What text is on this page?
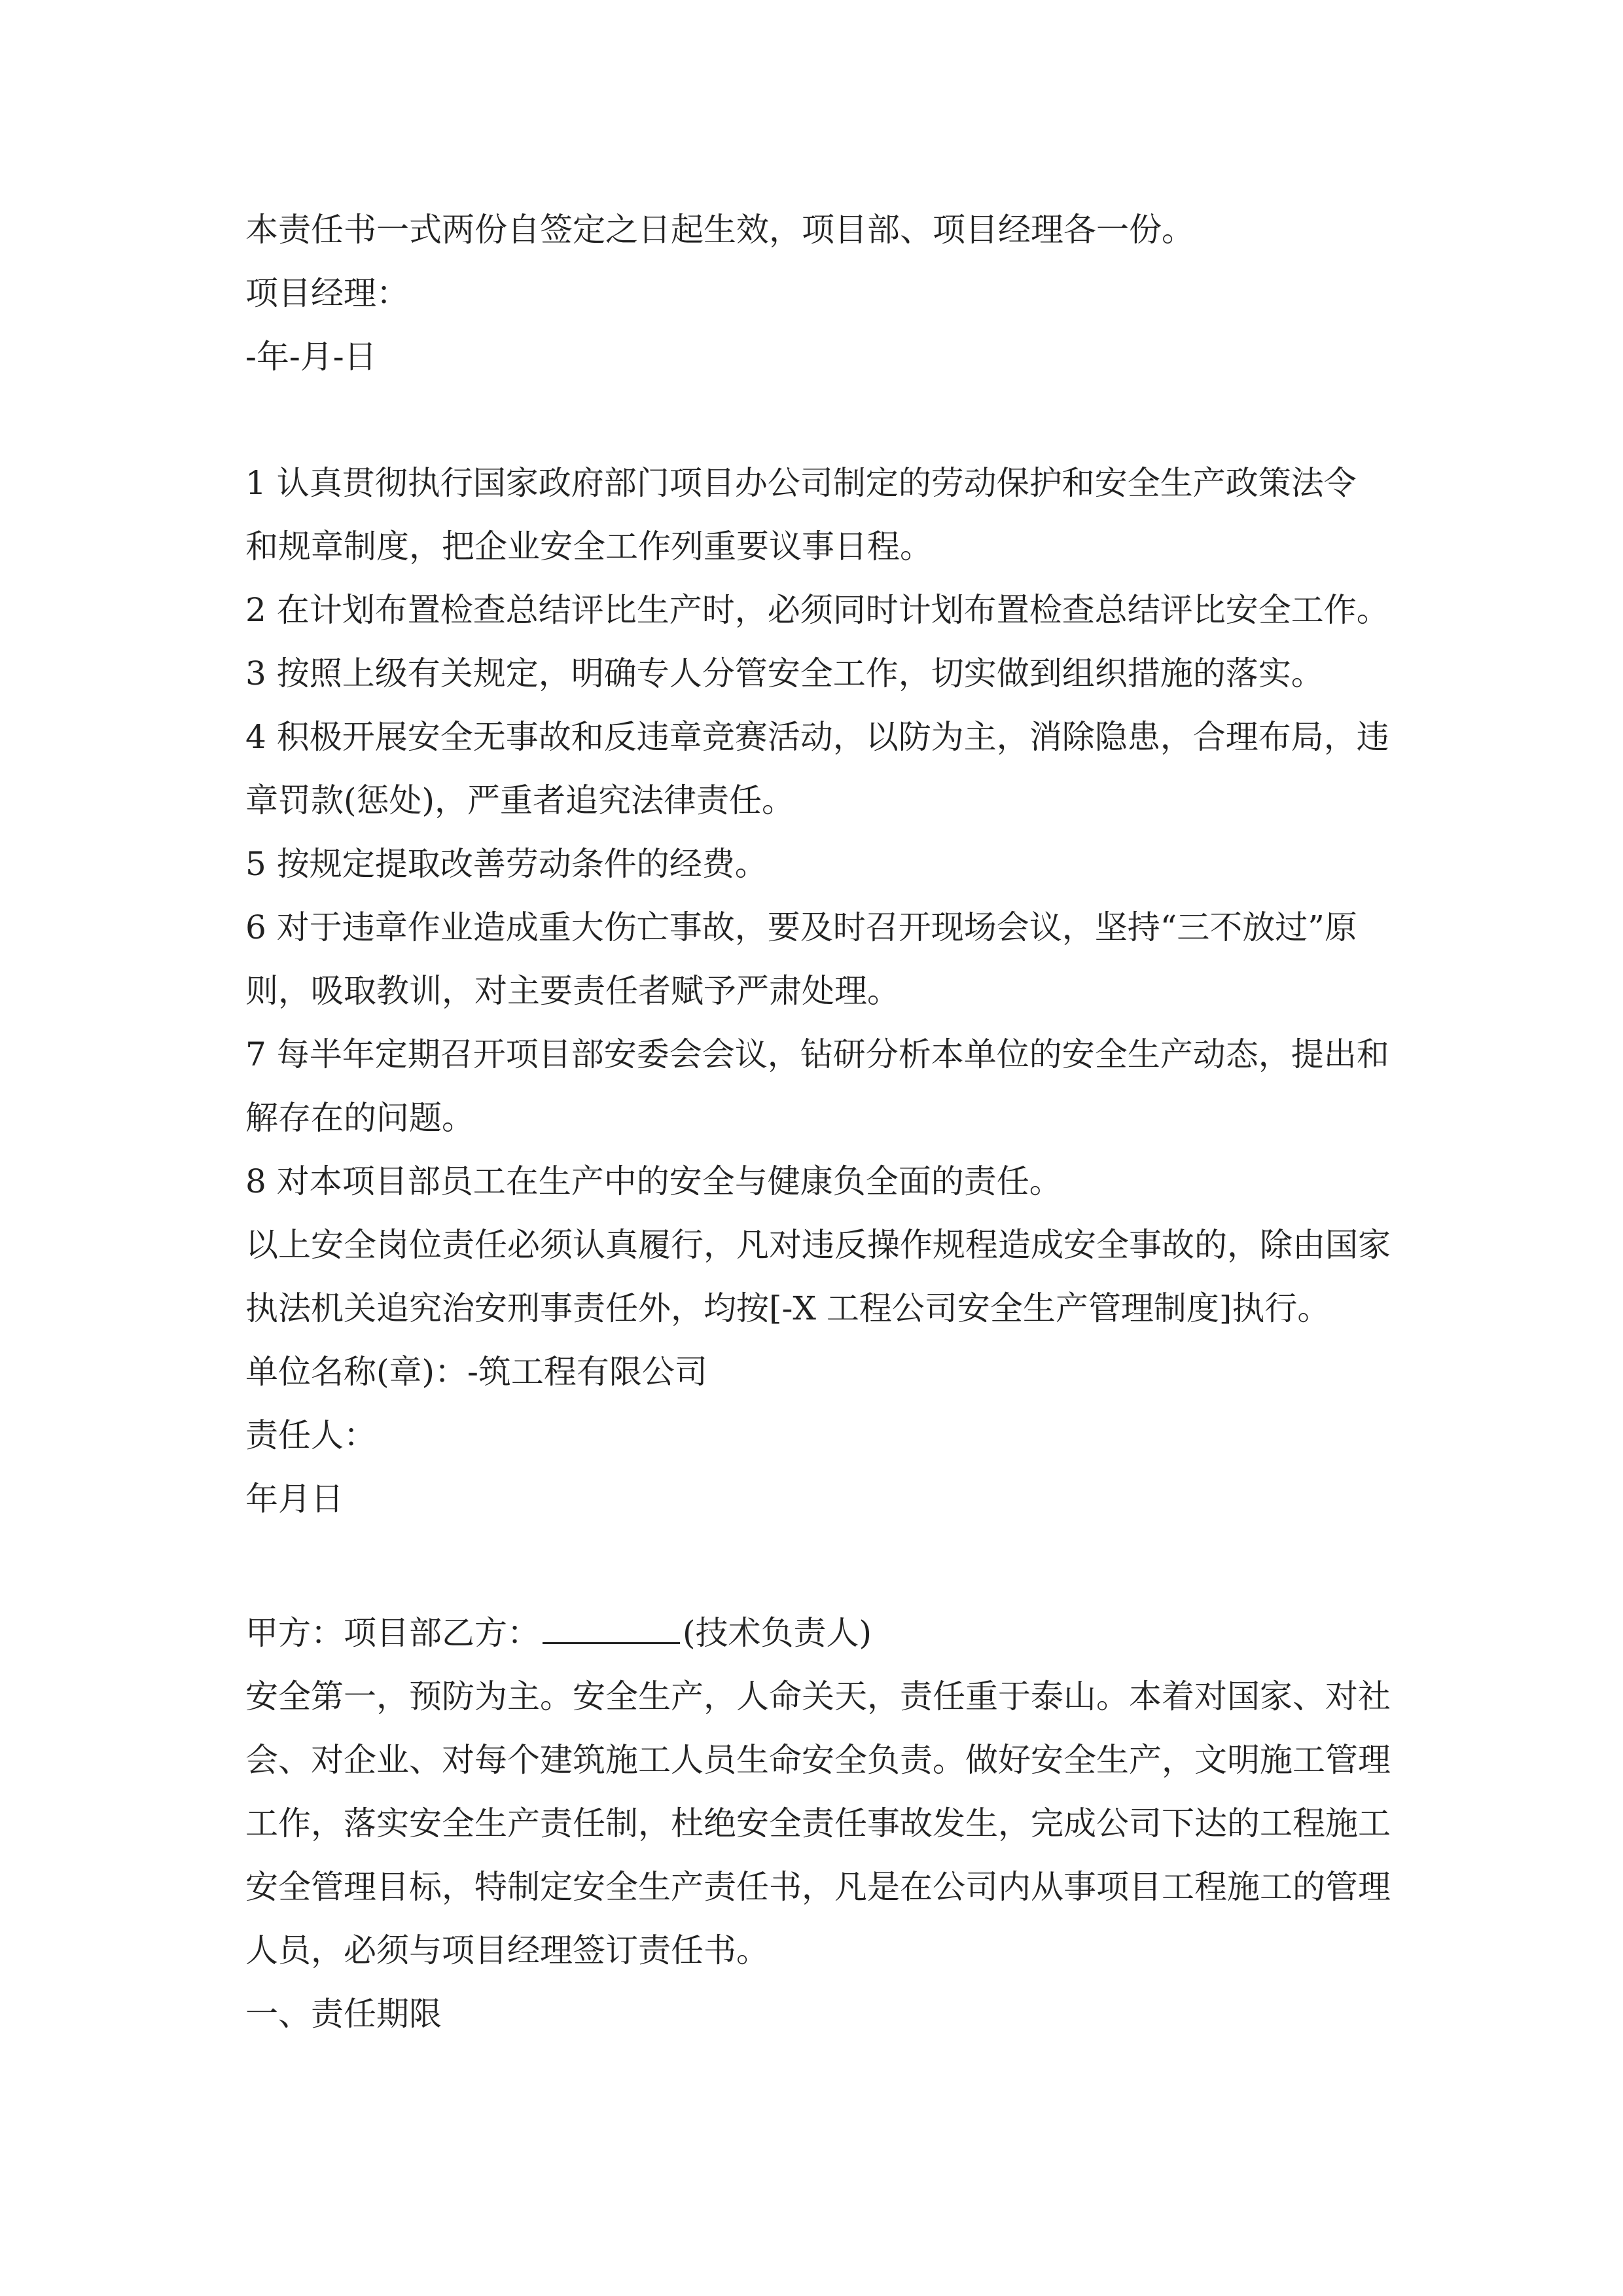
本责任书一式两份自签定之日起生效，项目部、项目经理各一份。
项目经理：
-年-月-日
1 认真贯彻执行国家政府部门项目办公司制定的劳动保护和安全生产政策法令
和规章制度，把企业安全工作列重要议事日程。
2 在计划布置检查总结评比生产时，必须同时计划布置检查总结评比安全工作。
3 按照上级有关规定，明确专人分管安全工作，切实做到组织措施的落实。
4 积极开展安全无事故和反违章竞赛活动，以防为主，消除隐患，合理布局，违
章罚款(惩处)，严重者追究法律责任。
5 按规定提取改善劳动条件的经费。
6 对于违章作业造成重大伤亡事故，要及时召开现场会议，坚持“三不放过”原
则，吸取教训，对主要责任者赋予严肃处理。
7 每半年定期召开项目部安委会会议，钻研分析本单位的安全生产动态，提出和
解存在的问题。
8 对本项目部员工在生产中的安全与健康负全面的责任。
以上安全岗位责任必须认真履行，凡对违反操作规程造成安全事故的，除由国家
执法机关追究治安刑事责任外，均按[-X 工程公司安全生产管理制度]执行。
单位名称(章)：-筑工程有限公司
责任人：
年月日
甲方：项目部乙方：	(技术负责人)
安全第一，预防为主。安全生产，人命关天，责任重于泰山。本着对国家、对社
会、对企业、对每个建筑施工人员生命安全负责。做好安全生产，文明施工管理
工作，落实安全生产责任制，杜绝安全责任事故发生，完成公司下达的工程施工
安全管理目标，特制定安全生产责任书，凡是在公司内从事项目工程施工的管理
人员，必须与项目经理签订责任书。
一、责任期限
